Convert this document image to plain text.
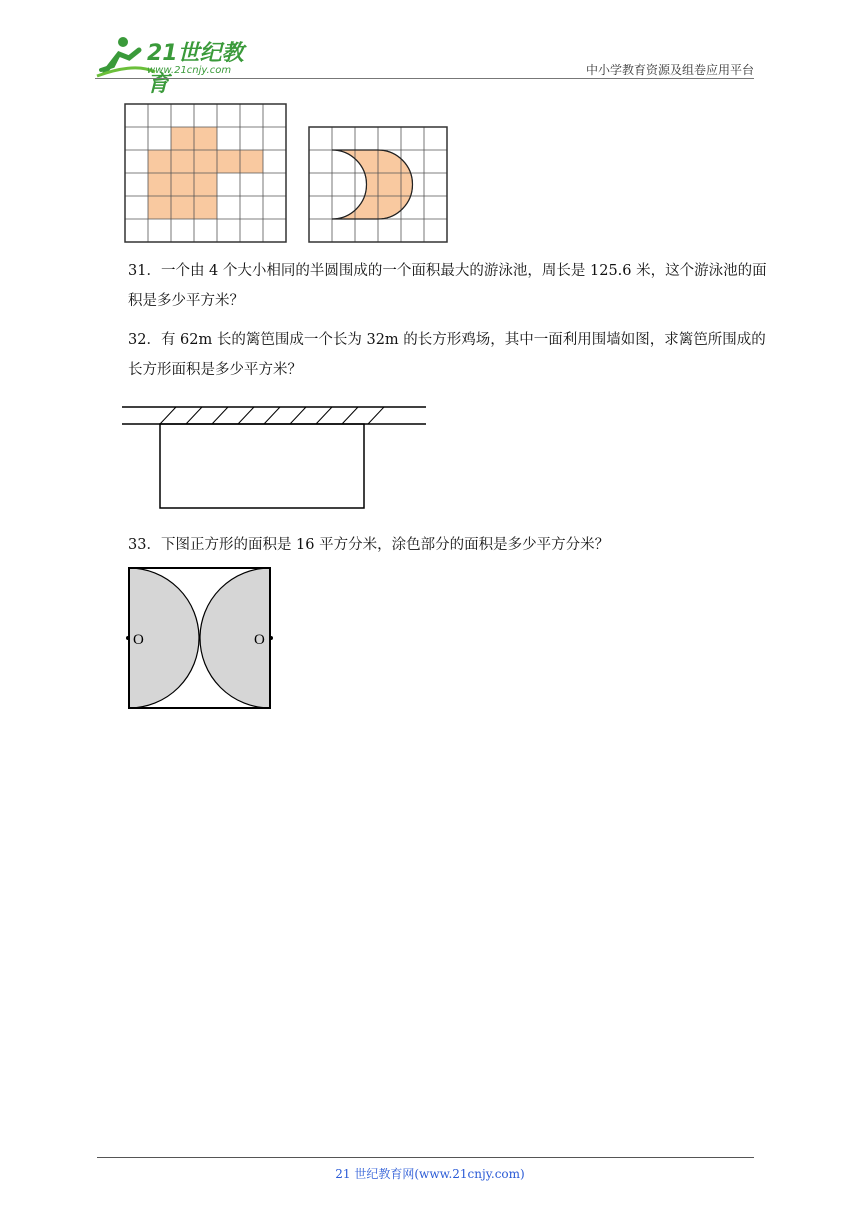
21世纪教育
www.21cnjy.com	中小学教育资源及组卷应用平台
31．一个由 4 个大小相同的半圆围成的一个面积最大的游泳池，周长是 125.6 米，这个游泳池的面积是多少平方米？
32．有 62m 长的篱笆围成一个长为 32m 的长方形鸡场，其中一面利用围墙如图，求篱笆所围成的长方形面积是多少平方米？
33．下图正方形的面积是 16 平方分米，涂色部分的面积是多少平方分米？
O	O
21 世纪教育网(www.21cnjy.com)
